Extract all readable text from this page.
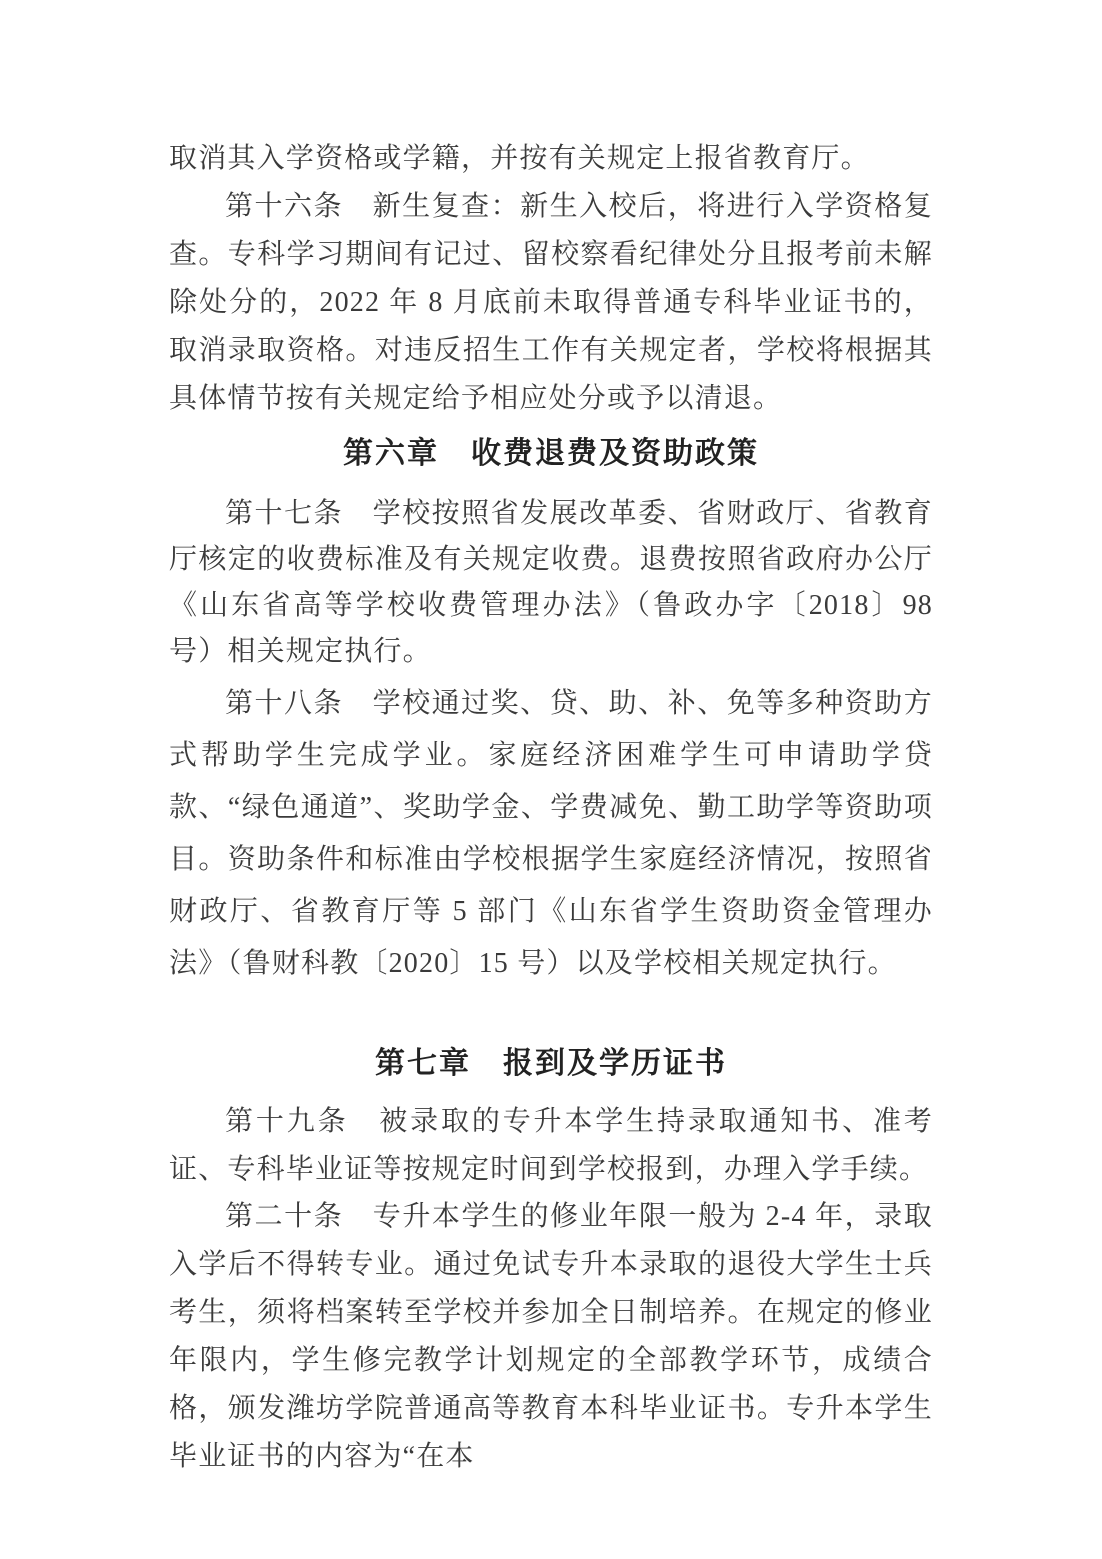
取消其入学资格或学籍，并按有关规定上报省教育厅。

第十六条　新生复查：新生入校后，将进行入学资格复查。专科学习期间有记过、留校察看纪律处分且报考前未解除处分的，2022 年 8 月底前未取得普通专科毕业证书的，取消录取资格。对违反招生工作有关规定者，学校将根据其具体情节按有关规定给予相应处分或予以清退。

第六章　收费退费及资助政策

第十七条　学校按照省发展改革委、省财政厅、省教育厅核定的收费标准及有关规定收费。退费按照省政府办公厅《山东省高等学校收费管理办法》（鲁政办字〔2018〕98 号）相关规定执行。

第十八条　学校通过奖、贷、助、补、免等多种资助方式帮助学生完成学业。家庭经济困难学生可申请助学贷款、“绿色通道”、奖助学金、学费减免、勤工助学等资助项目。资助条件和标准由学校根据学生家庭经济情况，按照省财政厅、省教育厅等 5 部门《山东省学生资助资金管理办法》（鲁财科教〔2020〕15 号）以及学校相关规定执行。

第七章　报到及学历证书

第十九条　被录取的专升本学生持录取通知书、准考证、专科毕业证等按规定时间到学校报到，办理入学手续。

第二十条　专升本学生的修业年限一般为 2-4 年，录取入学后不得转专业。通过免试专升本录取的退役大学生士兵考生，须将档案转至学校并参加全日制培养。在规定的修业年限内，学生修完教学计划规定的全部教学环节，成绩合格，颁发潍坊学院普通高等教育本科毕业证书。专升本学生毕业证书的内容为“在本
